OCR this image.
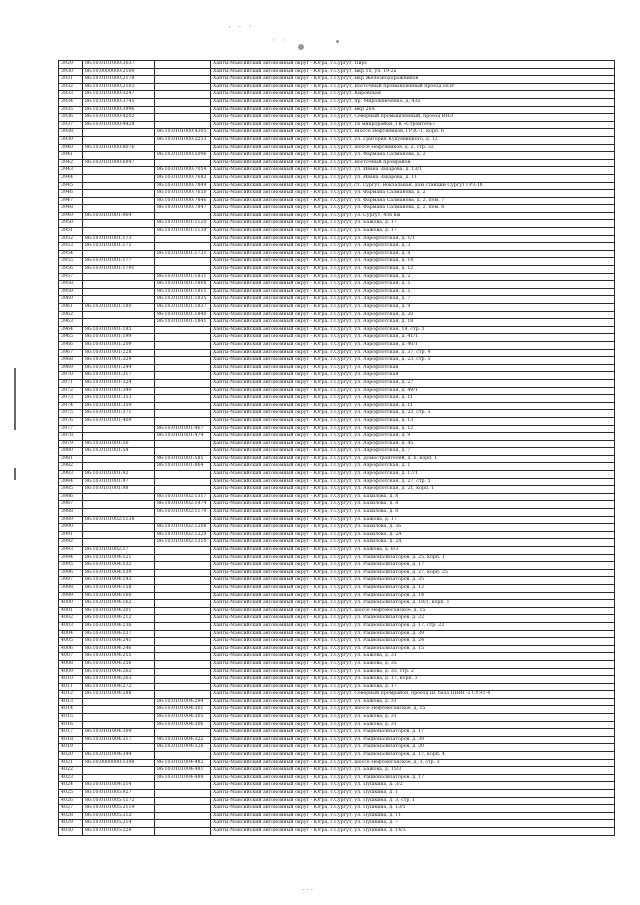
· · ·
· ·
3929	86:10:0101000:3037		Ханты-Мансийский автономный округ - Югра, г.Сургут, Пирс
3930	86:10:0000000:2109		Ханты-Мансийский автономный округ - Югра, г.Сургут, мкр 15, ул. 19-2а
3931	86:10:0101000:2178		Ханты-Мансийский автономный округ - Югра, г.Сургут, мкр Железнодорожников
3932	86:10:0101000:2103		Ханты-Мансийский автономный округ - Югра, г.Сургут, Восточный промышленный проезд НПР
3933	86:10:0101000:3247		Ханты-Мансийский автономный округ - Югра, г.Сургут, Кировская
3934	86:10:0101000:3745		Ханты-Мансийский автономный округ - Югра, г.Сургут, пр. Мирошниченко, д. 43а
3935	86:10:0101000:3996		Ханты-Мансийский автономный округ - Югра, г.Сургут, мкр 20А
3936	86:10:0101000:4202		Ханты-Мансийский автономный округ - Югра, г.Сургут, Северный промышленный, проезд ВНЭ
3937	86:10:0101000:4428		Ханты-Мансийский автономный округ - Югра, г.Сургут, 16 микрорайон, ГК «Строитель»
3938		86:10:0101000:4305	Ханты-Мансийский автономный округ - Югра, г.Сургут, Шоссе Нефтяников, ГРЗС-1, корп. 6
3939		86:10:0101000:2253	Ханты-Мансийский автономный округ - Югра, г.Сургут, ул. Григория Кукуевицкого, д. 12
3940	86:10:0101000:8076		Ханты-Мансийский автономный округ - Югра, г.Сургут, шоссе Нефтяников, д. 2, стр. 32
3941		86:10:0101000:5096	Ханты-Мансийский автономный округ - Югра, г.Сургут, ул. Фармана Салманова, д. 2
3942	86:10:0101000:6947		Ханты-Мансийский автономный округ - Югра, г.Сургут, Восточный промрайон
3943		86:10:0101000:7059	Ханты-Мансийский автономный округ - Югра, г.Сургут, ул. Ивана Захарова, д. 13/1
3944		86:10:0101000:7682	Ханты-Мансийский автономный округ - Югра, г.Сургут, ул. Ивана Захарова, д. 11
3945		86:10:0101000:7849	Ханты-Мансийский автономный округ - Югра, г.Сургут, ст. Сургут, Вокзальная, дом станции Сургут ГРЗ-1б
3946		86:10:0101000:7650	Ханты-Мансийский автономный округ - Югра, г.Сургут, ул. Фармана Салманова, д. 2
3947		86:10:0101000:7846	Ханты-Мансийский автономный округ - Югра, г.Сургут, ул. Фармана Салманова, д. 2, пом. 7
3948		86:10:0101000:7847	Ханты-Мансийский автономный округ - Югра, г.Сургут, ул. Фармана Салманова, д. 2, пом. 8
3949	86:10:0101001:964		Ханты-Мансийский автономный округ - Югра, г.Сургут, ул. Сургут, 456 км
3950		86:10:0101001:1120	Ханты-Мансийский автономный округ - Югра, г.Сургут, ул. Бажова, д. 17
3951		86:10:0101001:1139	Ханты-Мансийский автономный округ - Югра, г.Сургут, ул. Бажова, д. 17
3952	86:10:0101001:173		Ханты-Мансийский автономный округ - Югра, г.Сургут, ул. Аэрофлотская, д. 1/1
3953	86:10:0101001:175		Ханты-Мансийский автономный округ - Югра, г.Сургут, ул. Аэрофлотская, д. 3
3954		86:10:0101001:1721	Ханты-Мансийский автономный округ - Югра, г.Сургут, ул. Аэрофлотская, д. 8
3955	86:10:0101001:177		Ханты-Мансийский автономный округ - Югра, г.Сургут, ул. Аэрофлотская, д. 14
3956	86:10:0101001:1791		Ханты-Мансийский автономный округ - Югра, г.Сургут, ул. Аэрофлотская, д. 12
3957		86:10:0101001:1831	Ханты-Мансийский автономный округ - Югра, г.Сургут, ул. Аэрофлотская, д. 2
3958		86:10:0101001:1808	Ханты-Мансийский автономный округ - Югра, г.Сургут, ул. Аэрофлотская, д. 5
3959		86:10:0101001:1811	Ханты-Мансийский автономный округ - Югра, г.Сургут, ул. Аэрофлотская, д. 5
3960		86:10:0101001:1835	Ханты-Мансийский автономный округ - Югра, г.Сургут, ул. Аэрофлотская, д. 7
3961	86:10:0101001:180	86:10:0101001:1837	Ханты-Мансийский автономный округ - Югра, г.Сургут, ул. Аэрофлотская, д. 9
3962		86:10:0101001:1840	Ханты-Мансийский автономный округ - Югра, г.Сургут, ул. Аэрофлотская, д. 20
3963		86:10:0101001:1841	Ханты-Мансийский автономный округ - Югра, г.Сургут, ул. Аэрофлотская, д. 18
3964	86:10:0101001:185		Ханты-Мансийский автономный округ - Югра, г.Сургут, ул. Аэрофлотская, 19, стр. 1
3965	86:10:0101001:199		Ханты-Мансийский автономный округ - Югра, г.Сургут, ул. Аэрофлотская, д. 41/1
3966	86:10:0101001:209		Ханты-Мансийский автономный округ - Югра, г.Сургут, ул. Аэрофлотская, д. 40/1
3967	86:10:0101001:228		Ханты-Мансийский автономный округ - Югра, г.Сургут, ул. Аэрофлотская, д. 37, стр. 4
3968	86:10:0101001:229		Ханты-Мансийский автономный округ - Югра, г.Сургут, ул. Аэрофлотская, д. 23, стр. 5
3969	86:10:0101001:244		Ханты-Мансийский автономный округ - Югра, г.Сургут, ул. Аэрофлотская
3970	86:10:0101001:317		Ханты-Мансийский автономный округ - Югра, г.Сургут, ул. Аэрофлотская
3971	86:10:0101001:324		Ханты-Мансийский автономный округ - Югра, г.Сургут, ул. Аэрофлотская, д. 27
3972	86:10:0101001:340		Ханты-Мансийский автономный округ - Югра, г.Сургут, ул. Аэрофлотская, д. 49/1
3973	86:10:0101001:353		Ханты-Мансийский автономный округ - Югра, г.Сургут, ул. Аэрофлотская, д. 11
3974	86:10:0101001:359		Ханты-Мансийский автономный округ - Югра, г.Сургут, ул. Аэрофлотская, д. 11
3975	86:10:0101001:371		Ханты-Мансийский автономный округ - Югра, г.Сургут, ул. Аэрофлотская, д. 23, стр. 3
3976	86:10:0101001:409		Ханты-Мансийский автономный округ - Югра, г.Сургут, ул. Аэрофлотская, д. 13
3977		86:10:0101001:467	Ханты-Мансийский автономный округ - Югра, г.Сургут, ул. Аэрофлотская, д. 12
3978		86:10:0101001:474	Ханты-Мансийский автономный округ - Югра, г.Сургут, ул. Аэрофлотская, д. 9
3979	86:10:0101001:50		Ханты-Мансийский автономный округ - Югра, г.Сургут, ул. Аэрофлотская, д. 45
3980	86:10:0101001:54		Ханты-Мансийский автономный округ - Югра, г.Сургут, ул. Аэрофлотская, д. 7
3981		86:10:0101001:585	Ханты-Мансийский автономный округ - Югра, г.Сургут, ул. Домостроителей, д. 6, корп. 1
3982		86:10:0101001:864	Ханты-Мансийский автономный округ - Югра, г.Сургут, ул. Аэрофлотская, д. 1
3983	86:10:0101001:92		Ханты-Мансийский автономный округ - Югра, г.Сургут, ул. Аэрофлотская, д. 17/1
3984	86:10:0101001:97		Ханты-Мансийский автономный округ - Югра, г.Сургут, ул. Аэрофлотская, д. 27, стр. 5
3985	86:10:0101001:98		Ханты-Мансийский автономный округ - Югра, г.Сургут, ул. Аэрофлотская, д. 21, корп. 1
3986		86:10:0101002:1317	Ханты-Мансийский автономный округ - Югра, г.Сургут, ул. Бахилова, д. 8
3987		86:10:0101002:1474	Ханты-Мансийский автономный округ - Югра, г.Сургут, ул. Бахилова, д. 8
3988		86:10:0101002:1179	Ханты-Мансийский автономный округ - Югра, г.Сургут, ул. Бахилова, д. 8
3989	86:10:0101002:1138		Ханты-Мансийский автономный округ - Югра, г.Сургут, ул. Бажова, д. 17
3990		86:10:0101002:1208	Ханты-Мансийский автономный округ - Югра, г.Сургут, ул. Бахилова, д. 3а
3991		86:10:0101002:1229	Ханты-Мансийский автономный округ - Югра, г.Сургут, ул. Бахилова, д. 2А
3992		86:10:0101002:1310	Ханты-Мансийский автономный округ - Югра, г.Сургут, ул. Бахилова, д. 2А
3993	86:10:0101002:17		Ханты-Мансийский автономный округ - Югра, г.Сургут, ул. Бажова, д. 6/3
3994	86:10:0101004:121		Ханты-Мансийский автономный округ - Югра, г.Сургут, ул. Рационализаторов, д. 25, корп. 1
3995	86:10:0101004:132		Ханты-Мансийский автономный округ - Югра, г.Сургут, ул. Рационализаторов, д. 17
3996	86:10:0101004:139		Ханты-Мансийский автономный округ - Югра, г.Сургут, ул. Рационализаторов, д. 27, корп. 25
3997	86:10:0101004:143		Ханты-Мансийский автономный округ - Югра, г.Сургут, ул. Рационализаторов, д. 35
3998	86:10:0101004:158		Ханты-Мансийский автономный округ - Югра, г.Сургут, ул. Рационализаторов, д. 12
3999	86:10:0101004:160		Ханты-Мансийский автономный округ - Югра, г.Сургут, ул. Рационализаторов, д. 14
4000	86:10:0101004:162		Ханты-Мансийский автономный округ - Югра, г.Сургут, ул. Рационализаторов, д. 18/1, корп. 1
4001	86:10:0101004:201		Ханты-Мансийский автономный округ - Югра, г.Сургут, шоссе Нефтеюганское, д. 15
4002	86:10:0101004:212		Ханты-Мансийский автономный округ - Югра, г.Сургут, ул. Рационализаторов, д. 22
4003	86:10:0101004:236		Ханты-Мансийский автономный округ - Югра, г.Сургут, ул. Рационализаторов, д. 17, стр. 23
4004	86:10:0101004:237		Ханты-Мансийский автономный округ - Югра, г.Сургут, ул. Рационализаторов, д. 39
4005	86:10:0101004:241		Ханты-Мансийский автономный округ - Югра, г.Сургут, ул. Рационализаторов, д. 24
4006	86:10:0101004:246		Ханты-Мансийский автономный округ - Югра, г.Сургут, ул. Рационализаторов, д. 15
4007	86:10:0101004:255		Ханты-Мансийский автономный округ - Югра, г.Сургут, ул. Бажова, д. 31
4008	86:10:0101004:256		Ханты-Мансийский автономный округ - Югра, г.Сургут, ул. Бажова, д. 35
4009	86:10:0101004:262		Ханты-Мансийский автономный округ - Югра, г.Сургут, ул. Бажова, д. 35, стр. 2
4010	86:10:0101004:263		Ханты-Мансийский автономный округ - Югра, г.Сургут, ул. Бажова, д. 17, корп. 1
4011	86:10:0101004:272		Ханты-Мансийский автономный округ - Югра, г.Сургут, ул. Бажова, д. 17
4012	86:10:0101004:288		Ханты-Мансийский автономный округ - Югра, г.Сургут, Северный промрайон, проезд Ш, база ПНИГ-2 СУЭТ-4
4013		86:10:0101004:294	Ханты-Мансийский автономный округ - Югра, г.Сургут, ул. Бажова, д. 31
4014		86:10:0101004:301	Ханты-Мансийский автономный округ - Югра, г.Сургут, шоссе Нефтеюганское, д. 15
4015		86:10:0101004:305	Ханты-Мансийский автономный округ - Югра, г.Сургут, ул. Бажова, д. 31
4016		86:10:0101004:306	Ханты-Мансийский автономный округ - Югра, г.Сургут, ул. Бажова, д. 31
4017	86:10:0101004:309		Ханты-Мансийский автономный округ - Югра, г.Сургут, ул. Рационализаторов, д. 17
4018	86:10:0101004:317	86:10:0101004:322	Ханты-Мансийский автономный округ - Югра, г.Сургут, ул. Рационализаторов, д. 39
4019		86:10:0101004:326	Ханты-Мансийский автономный округ - Югра, г.Сургут, ул. Рационализаторов, д. 20
4020	86:10:0101004:344		Ханты-Мансийский автономный округ - Югра, г.Сургут, ул. Рационализаторов, д. 17, корп. 4
4021	86:10:0000000:1398	86:10:0101004:482	Ханты-Мансийский автономный округ - Югра, г.Сургут, шоссе Нефтеюганское, д. 3, стр. 3
4022		86:10:0101004:481	Ханты-Мансийский автономный округ - Югра, г.Сургут, ул. Бажова, д. 15/3
4023		86:10:0101004:489	Ханты-Мансийский автономный округ - Югра, г.Сургут, ул. Рационализаторов, д. 17
4024	86:10:0101004:514		Ханты-Мансийский автономный округ - Югра, г.Сургут, ул. Пушкина, д. 3/2
4025	86:10:0101005:927		Ханты-Мансийский автономный округ - Югра, г.Сургут, ул. Пушкина, д. 1
4026	86:10:0101005:1172		Ханты-Мансийский автономный округ - Югра, г.Сургут, ул. Пушкина, д. 3, стр. 1
4027	86:10:0101005:2119		Ханты-Мансийский автономный округ - Югра, г.Сургут, ул. Пушкина, д. 13/1
4028	86:10:0101005:212		Ханты-Мансийский автономный округ - Югра, г.Сургут, ул. Пушкина, д. 11
4029	86:10:0101005:214		Ханты-Мансийский автономный округ - Югра, г.Сургут, ул. Пушкина, д. 7
4030	86:10:0101005:228		Ханты-Мансийский автономный округ - Югра, г.Сургут, ул. Пушкина, д. 14/3
· · ·
